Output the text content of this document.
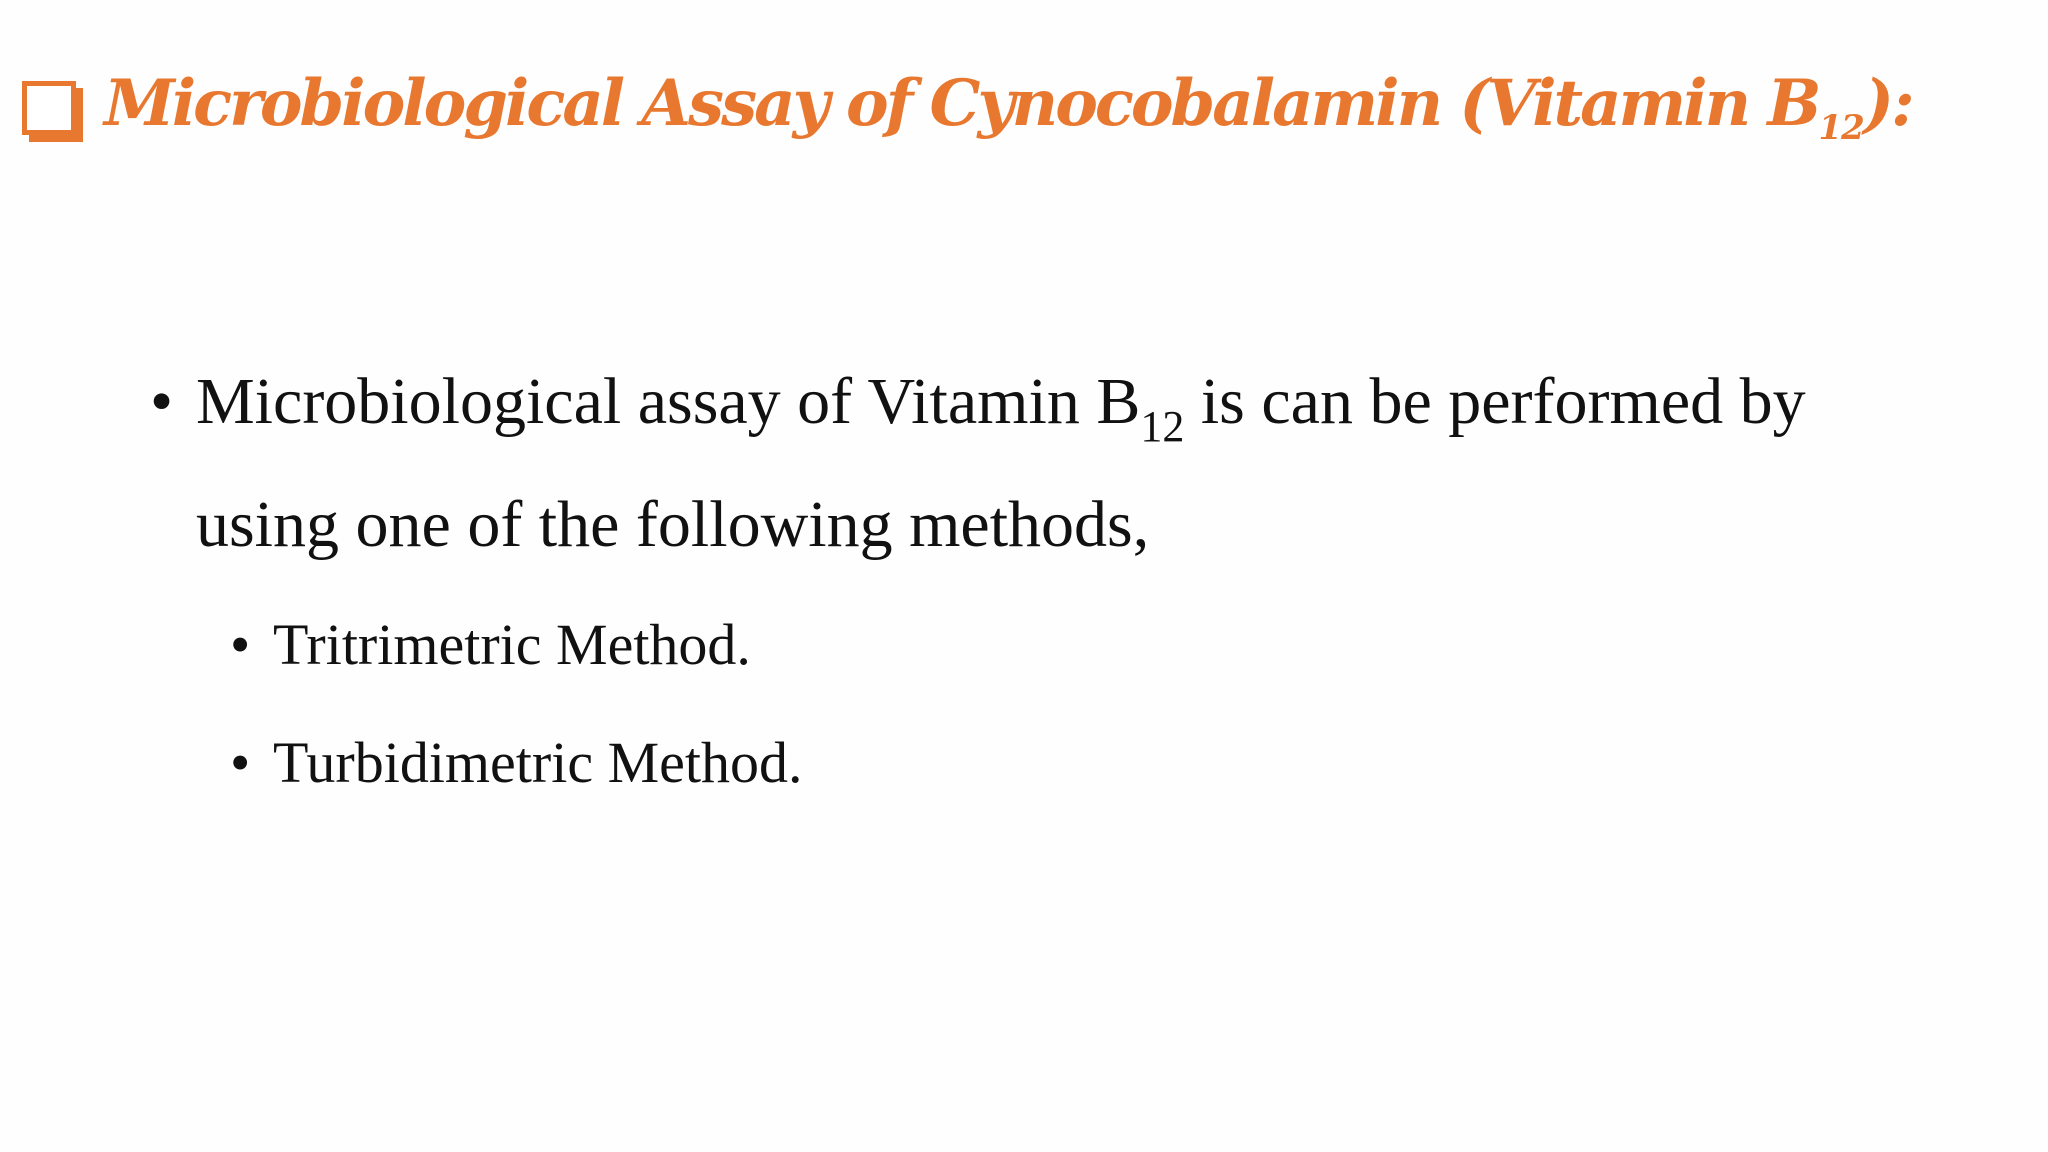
Microbiological Assay of Cynocobalamin (Vitamin $B_{12}$):
• Microbiological assay of Vitamin $B_{12}$ is can be performed by using one of the following methods,
• Tritrimetric Method.
• Turbidimetric Method.
